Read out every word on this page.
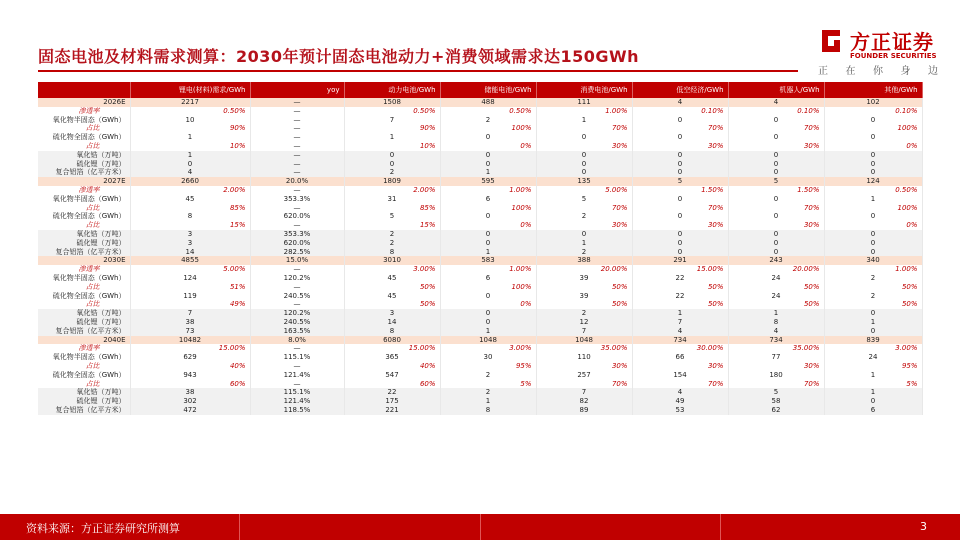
固态电池及材料需求测算：2030年预计固态电池动力+消费领域需求达150GWh
方正证券
FOUNDER SECURITIES
正 在 你 身 边
	锂电(材料)需求/GWh	yoy	动力电池/GWh	储能电池/GWh	消费电池/GWh	低空经济/GWh	机器人/GWh	其他/GWh
2026E	2217	—	1508	488	111	4	4	102
渗透率	0.50%	—	0.50%	0.50%	1.00%	0.10%	0.10%	0.10%
氧化物半固态（GWh）	10	—	7	2	1	0	0	0
占比	90%	—	90%	100%	70%	70%	70%	100%
硫化物全固态（GWh）	1	—	1	0	0	0	0	0
占比	10%	—	10%	0%	30%	30%	30%	0%
氧化锆（万吨）	1	—	0	0	0	0	0	0
硫化锂（万吨）	0	—	0	0	0	0	0	0
复合铝箔（亿平方米）	4	—	2	1	0	0	0	0
2027E	2660	20.0%	1809	595	135	5	5	124
渗透率	2.00%	—	2.00%	1.00%	5.00%	1.50%	1.50%	0.50%
氧化物半固态（GWh）	45	353.3%	31	6	5	0	0	1
占比	85%	—	85%	100%	70%	70%	70%	100%
硫化物全固态（GWh）	8	620.0%	5	0	2	0	0	0
占比	15%	—	15%	0%	30%	30%	30%	0%
氧化锆（万吨）	3	353.3%	2	0	0	0	0	0
硫化锂（万吨）	3	620.0%	2	0	1	0	0	0
复合铝箔（亿平方米）	14	282.5%	8	1	2	0	0	0
2030E	4855	15.0%	3010	583	388	291	243	340
渗透率	5.00%	—	3.00%	1.00%	20.00%	15.00%	20.00%	1.00%
氧化物半固态（GWh）	124	120.2%	45	6	39	22	24	2
占比	51%	—	50%	100%	50%	50%	50%	50%
硫化物全固态（GWh）	119	240.5%	45	0	39	22	24	2
占比	49%	—	50%	0%	50%	50%	50%	50%
氧化锆（万吨）	7	120.2%	3	0	2	1	1	0
硫化锂（万吨）	38	240.5%	14	0	12	7	8	1
复合铝箔（亿平方米）	73	163.5%	8	1	7	4	4	0
2040E	10482	8.0%	6080	1048	1048	734	734	839
渗透率	15.00%	—	15.00%	3.00%	35.00%	30.00%	35.00%	3.00%
氧化物半固态（GWh）	629	115.1%	365	30	110	66	77	24
占比	40%	—	40%	95%	30%	30%	30%	95%
硫化物全固态（GWh）	943	121.4%	547	2	257	154	180	1
占比	60%	—	60%	5%	70%	70%	70%	5%
氧化锆（万吨）	38	115.1%	22	2	7	4	5	1
硫化锂（万吨）	302	121.4%	175	1	82	49	58	0
复合铝箔（亿平方米）	472	118.5%	221	8	89	53	62	6
资料来源：方正证券研究所测算	3
